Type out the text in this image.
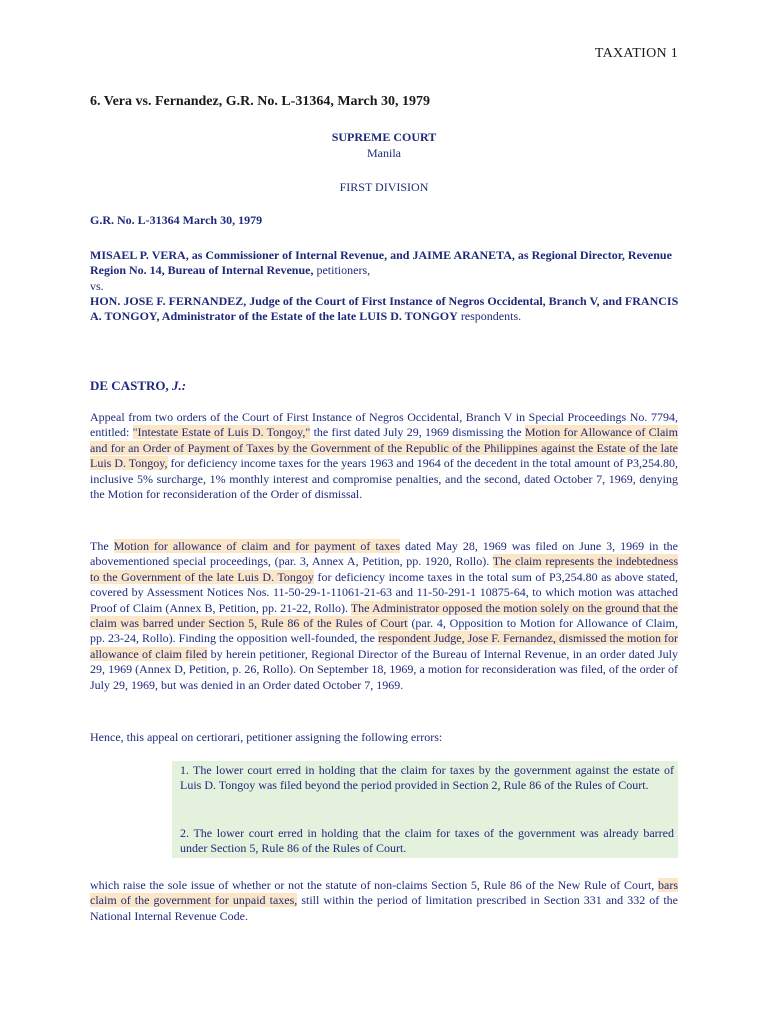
TAXATION 1
6. Vera vs. Fernandez, G.R. No. L-31364, March 30, 1979
SUPREME COURT
Manila
FIRST DIVISION
G.R. No. L-31364 March 30, 1979
MISAEL P. VERA, as Commissioner of Internal Revenue, and JAIME ARANETA, as Regional Director, Revenue Region No. 14, Bureau of Internal Revenue, petitioners,
vs.
HON. JOSE F. FERNANDEZ, Judge of the Court of First Instance of Negros Occidental, Branch V, and FRANCIS A. TONGOY, Administrator of the Estate of the late LUIS D. TONGOY respondents.
DE CASTRO, J.:
Appeal from two orders of the Court of First Instance of Negros Occidental, Branch V in Special Proceedings No. 7794, entitled: "Intestate Estate of Luis D. Tongoy," the first dated July 29, 1969 dismissing the Motion for Allowance of Claim and for an Order of Payment of Taxes by the Government of the Republic of the Philippines against the Estate of the late Luis D. Tongoy, for deficiency income taxes for the years 1963 and 1964 of the decedent in the total amount of P3,254.80, inclusive 5% surcharge, 1% monthly interest and compromise penalties, and the second, dated October 7, 1969, denying the Motion for reconsideration of the Order of dismissal.
The Motion for allowance of claim and for payment of taxes dated May 28, 1969 was filed on June 3, 1969 in the abovementioned special proceedings, (par. 3, Annex A, Petition, pp. 1920, Rollo). The claim represents the indebtedness to the Government of the late Luis D. Tongoy for deficiency income taxes in the total sum of P3,254.80 as above stated, covered by Assessment Notices Nos. 11-50-29-1-11061-21-63 and 11-50-291-1 10875-64, to which motion was attached Proof of Claim (Annex B, Petition, pp. 21-22, Rollo). The Administrator opposed the motion solely on the ground that the claim was barred under Section 5, Rule 86 of the Rules of Court (par. 4, Opposition to Motion for Allowance of Claim, pp. 23-24, Rollo). Finding the opposition well-founded, the respondent Judge, Jose F. Fernandez, dismissed the motion for allowance of claim filed by herein petitioner, Regional Director of the Bureau of Internal Revenue, in an order dated July 29, 1969 (Annex D, Petition, p. 26, Rollo). On September 18, 1969, a motion for reconsideration was filed, of the order of July 29, 1969, but was denied in an Order dated October 7, 1969.
Hence, this appeal on certiorari, petitioner assigning the following errors:
1. The lower court erred in holding that the claim for taxes by the government against the estate of Luis D. Tongoy was filed beyond the period provided in Section 2, Rule 86 of the Rules of Court.
2. The lower court erred in holding that the claim for taxes of the government was already barred under Section 5, Rule 86 of the Rules of Court.
which raise the sole issue of whether or not the statute of non-claims Section 5, Rule 86 of the New Rule of Court, bars claim of the government for unpaid taxes, still within the period of limitation prescribed in Section 331 and 332 of the National Internal Revenue Code.
